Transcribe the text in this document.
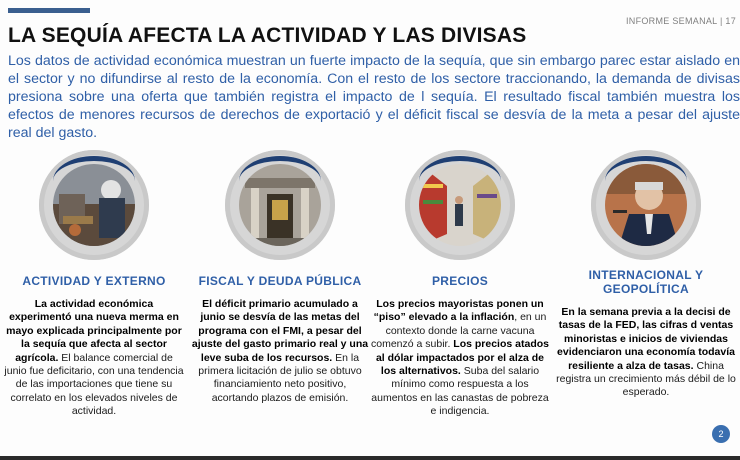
INFORME SEMANAL | 17
LA SEQUÍA AFECTA LA ACTIVIDAD Y LAS DIVISAS
Los datos de actividad económica muestran un fuerte impacto de la sequía, que sin embargo parec estar aislado en el sector y no difundirse al resto de la economía. Con el resto de los sectore traccionando, la demanda de divisas presiona sobre una oferta que también registra el impacto de l sequía. El resultado fiscal también muestra los efectos de menores recursos de derechos de exportació y el déficit fiscal se desvía de la meta a pesar del ajuste real del gasto.
ACTIVIDAD Y EXTERNO
La actividad económica experimentó una nueva merma en mayo explicada principalmente por la sequía que afecta al sector agrícola. El balance comercial de junio fue deficitario, con una tendencia de las importaciones que tiene su correlato en los elevados niveles de actividad.
FISCAL Y DEUDA PÚBLICA
El déficit primario acumulado a junio se desvía de las metas del programa con el FMI, a pesar del ajuste del gasto primario real y una leve suba de los recursos. En la primera licitación de julio se obtuvo financiamiento neto positivo, acortando plazos de emisión.
PRECIOS
Los precios mayoristas ponen un “piso” elevado a la inflación, en un contexto donde la carne vacuna comenzó a subir. Los precios atados al dólar impactados por el alza de los alternativos. Suba del salario mínimo como respuesta a los aumentos en las canastas de pobreza e indigencia.
INTERNACIONAL Y GEOPOLÍTICA
En la semana previa a la decisi de tasas de la FED, las cifras d ventas minoristas e inicios de viviendas evidenciaron una economía todavía resiliente a alza de tasas. China registra un crecimiento más débil de lo esperado.
2
